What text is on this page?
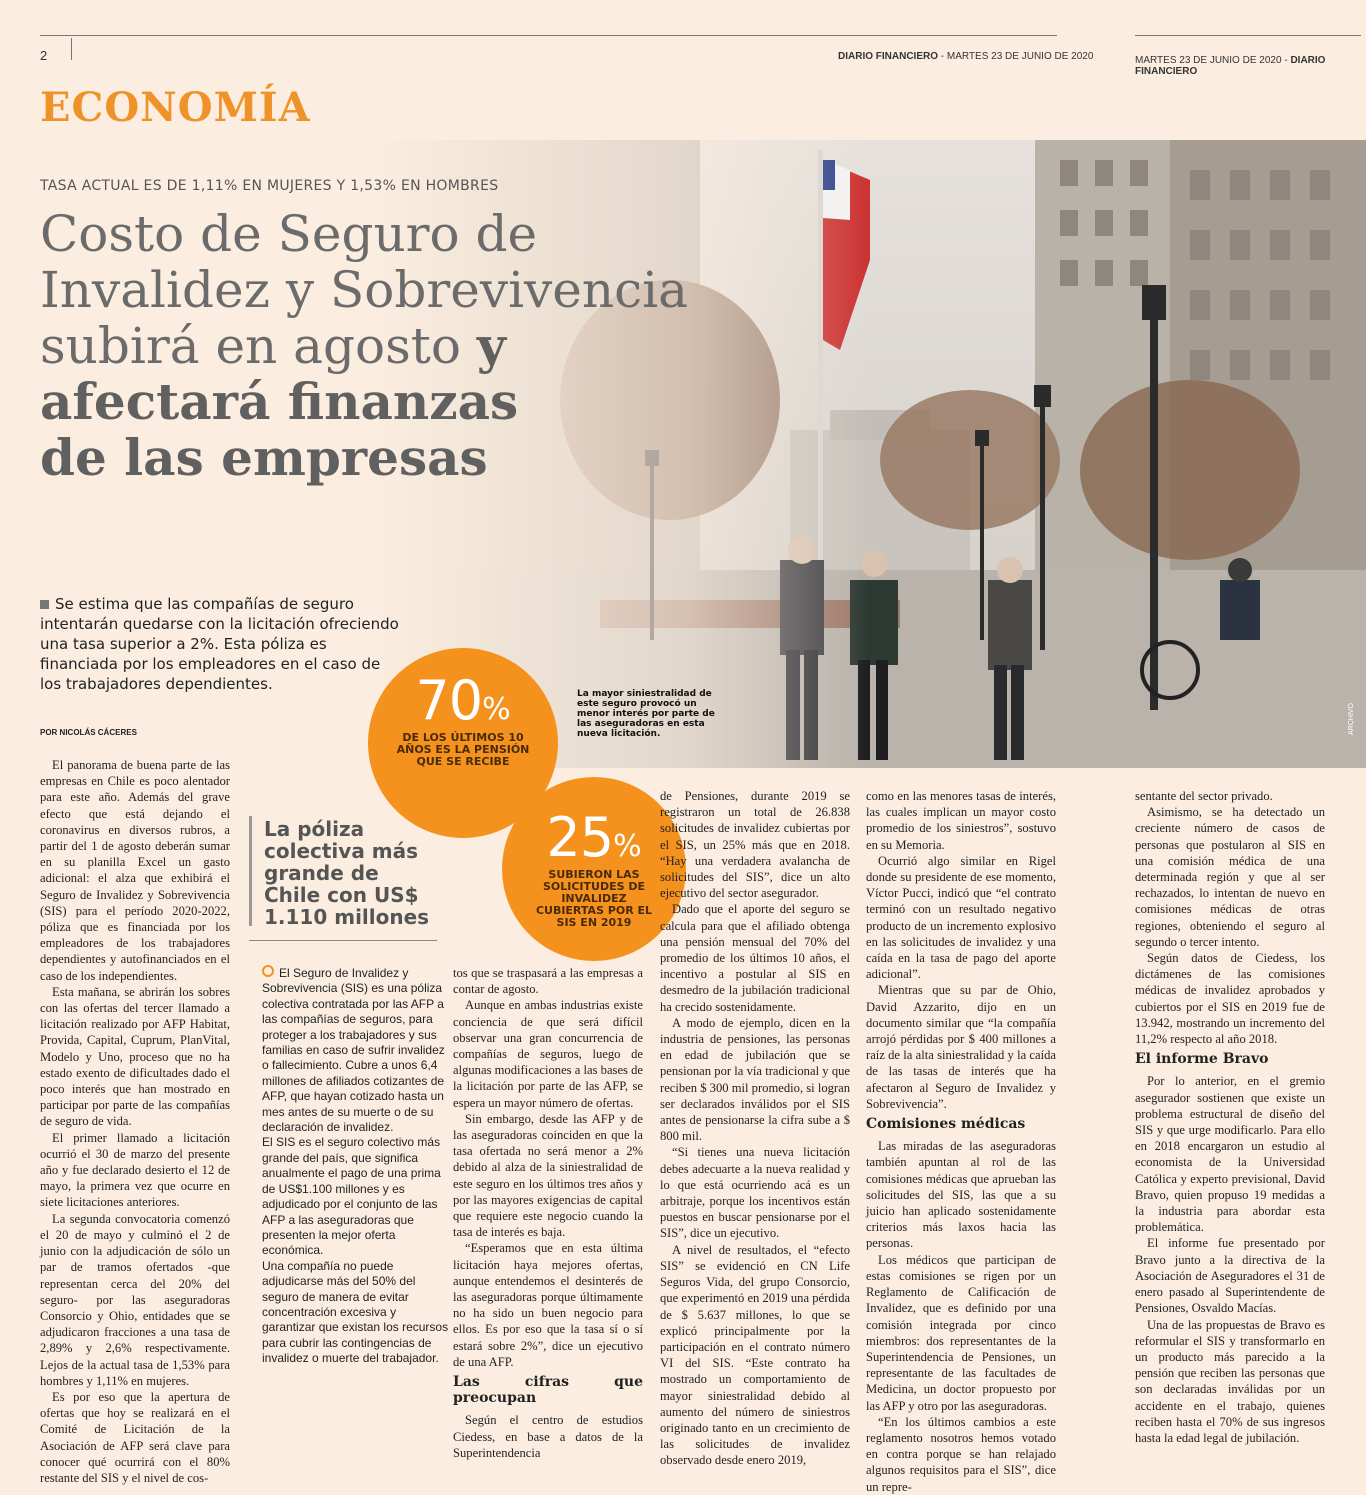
2	DIARIO FINANCIERO - MARTES 23 DE JUNIO DE 2020	MARTES 23 DE JUNIO DE 2020 - DIARIO FINANCIERO
ECONOMÍA
TASA ACTUAL ES DE 1,11% EN MUJERES Y 1,53% EN HOMBRES
Costo de Seguro de
Invalidez y Sobrevivencia
subirá en agosto y
afectará finanzas
de las empresas
Se estima que las compañías de seguro intentarán quedarse con la licitación ofreciendo una tasa superior a 2%. Esta póliza es financiada por los empleadores en el caso de los trabajadores dependientes.
POR NICOLÁS CÁCERES
70%
DE LOS ÚLTIMOS 10 AÑOS ES LA PENSIÓN QUE SE RECIBE
25%
SUBIERON LAS SOLICITUDES DE INVALIDEZ CUBIERTAS POR EL SIS EN 2019
La mayor siniestralidad de este seguro provocó un menor interés por parte de las aseguradoras en esta nueva licitación.	ARCHIVO

El panorama de buena parte de las empresas en Chile es poco alentador para este año. Además del grave efecto que está dejando el coronavirus en diversos rubros, a partir del 1 de agosto deberán sumar en su planilla Excel un gasto adicional: el alza que exhibirá el Seguro de Invalidez y Sobrevivencia (SIS) para el período 2020-2022, póliza que es financiada por los empleadores de los trabajadores dependientes y autofinanciados en el caso de los independientes.

Esta mañana, se abrirán los sobres con las ofertas del tercer llamado a licitación realizado por AFP Habitat, Provida, Capital, Cuprum, PlanVital, Modelo y Uno, proceso que no ha estado exento de dificultades dado el poco interés que han mostrado en participar por parte de las compañías de seguro de vida.

El primer llamado a licitación ocurrió el 30 de marzo del presente año y fue declarado desierto el 12 de mayo, la primera vez que ocurre en siete licitaciones anteriores.

La segunda convocatoria comenzó el 20 de mayo y culminó el 2 de junio con la adjudicación de sólo un par de tramos ofertados -que representan cerca del 20% del seguro- por las aseguradoras Consorcio y Ohio, entidades que se adjudicaron fracciones a una tasa de 2,89% y 2,6% respectivamente. Lejos de la actual tasa de 1,53% para hombres y 1,11% en mujeres.

Es por eso que la apertura de ofertas que hoy se realizará en el Comité de Licitación de la Asociación de AFP será clave para conocer qué ocurrirá con el 80% restante del SIS y el nivel de cos-

La póliza colectiva más grande de Chile con US$ 1.110 millones

El Seguro de Invalidez y Sobrevivencia (SIS) es una póliza colectiva contratada por las AFP a las compañías de seguros, para proteger a los trabajadores y sus familias en caso de sufrir invalidez o fallecimiento. Cubre a unos 6,4 millones de afiliados cotizantes de AFP, que hayan cotizado hasta un mes antes de su muerte o de su declaración de invalidez.

El SIS es el seguro colectivo más grande del país, que significa anualmente el pago de una prima de US$1.100 millones y es adjudicado por el conjunto de las AFP a las aseguradoras que presenten la mejor oferta económica.

Una compañía no puede adjudicarse más del 50% del seguro de manera de evitar concentración excesiva y garantizar que existan los recursos para cubrir las contingencias de invalidez o muerte del trabajador.

tos que se traspasará a las empresas a contar de agosto.

Aunque en ambas industrias existe conciencia de que será difícil observar una gran concurrencia de compañías de seguros, luego de algunas modificaciones a las bases de la licitación por parte de las AFP, se espera un mayor número de ofertas.

Sin embargo, desde las AFP y de las aseguradoras coinciden en que la tasa ofertada no será menor a 2% debido al alza de la siniestralidad de este seguro en los últimos tres años y por las mayores exigencias de capital que requiere este negocio cuando la tasa de interés es baja.

“Esperamos que en esta última licitación haya mejores ofertas, aunque entendemos el desinterés de las aseguradoras porque últimamente no ha sido un buen negocio para ellos. Es por eso que la tasa sí o sí estará sobre 2%”, dice un ejecutivo de una AFP.

Las cifras que preocupan

Según el centro de estudios Ciedess, en base a datos de la Superintendencia

de Pensiones, durante 2019 se registraron un total de 26.838 solicitudes de invalidez cubiertas por el SIS, un 25% más que en 2018. “Hay una verdadera avalancha de solicitudes del SIS”, dice un alto ejecutivo del sector asegurador.

Dado que el aporte del seguro se calcula para que el afiliado obtenga una pensión mensual del 70% del promedio de los últimos 10 años, el incentivo a postular al SIS en desmedro de la jubilación tradicional ha crecido sostenidamente.

A modo de ejemplo, dicen en la industria de pensiones, las personas en edad de jubilación que se pensionan por la vía tradicional y que reciben $ 300 mil promedio, si logran ser declarados inválidos por el SIS antes de pensionarse la cifra sube a $ 800 mil.

“Si tienes una nueva licitación debes adecuarte a la nueva realidad y lo que está ocurriendo acá es un arbitraje, porque los incentivos están puestos en buscar pensionarse por el SIS”, dice un ejecutivo.

A nivel de resultados, el “efecto SIS” se evidenció en CN Life Seguros Vida, del grupo Consorcio, que experimentó en 2019 una pérdida de $ 5.637 millones, lo que se explicó principalmente por la participación en el contrato número VI del SIS. “Este contrato ha mostrado un comportamiento de mayor siniestralidad debido al aumento del número de siniestros originado tanto en un crecimiento de las solicitudes de invalidez observado desde enero 2019,

como en las menores tasas de interés, las cuales implican un mayor costo promedio de los siniestros”, sostuvo en su Memoria.

Ocurrió algo similar en Rigel donde su presidente de ese momento, Víctor Pucci, indicó que “el contrato terminó con un resultado negativo producto de un incremento explosivo en las solicitudes de invalidez y una caída en la tasa de pago del aporte adicional”.

Mientras que su par de Ohio, David Azzarito, dijo en un documento similar que “la compañía arrojó pérdidas por $ 400 millones a raíz de la alta siniestralidad y la caída de las tasas de interés que ha afectaron al Seguro de Invalidez y Sobrevivencia”.

Comisiones médicas

Las miradas de las aseguradoras también apuntan al rol de las comisiones médicas que aprueban las solicitudes del SIS, las que a su juicio han aplicado sostenidamente criterios más laxos hacia las personas.

Los médicos que participan de estas comisiones se rigen por un Reglamento de Calificación de Invalidez, que es definido por una comisión integrada por cinco miembros: dos representantes de la Superintendencia de Pensiones, un representante de las facultades de Medicina, un doctor propuesto por las AFP y otro por las aseguradoras.

“En los últimos cambios a este reglamento nosotros hemos votado en contra porque se han relajado algunos requisitos para el SIS”, dice un repre-

sentante del sector privado.

Asimismo, se ha detectado un creciente número de casos de personas que postularon al SIS en una comisión médica de una determinada región y que al ser rechazados, lo intentan de nuevo en comisiones médicas de otras regiones, obteniendo el seguro al segundo o tercer intento.

Según datos de Ciedess, los dictámenes de las comisiones médicas de invalidez aprobados y cubiertos por el SIS en 2019 fue de 13.942, mostrando un incremento del 11,2% respecto al año 2018.

El informe Bravo

Por lo anterior, en el gremio asegurador sostienen que existe un problema estructural de diseño del SIS y que urge modificarlo. Para ello en 2018 encargaron un estudio al economista de la Universidad Católica y experto previsional, David Bravo, quien propuso 19 medidas a la industria para abordar esta problemática.

El informe fue presentado por Bravo junto a la directiva de la Asociación de Aseguradores el 31 de enero pasado al Superintendente de Pensiones, Osvaldo Macías.

Una de las propuestas de Bravo es reformular el SIS y transformarlo en un producto más parecido a la pensión que reciben las personas que son declaradas inválidas por un accidente en el trabajo, quienes reciben hasta el 70% de sus ingresos hasta la edad legal de jubilación.
